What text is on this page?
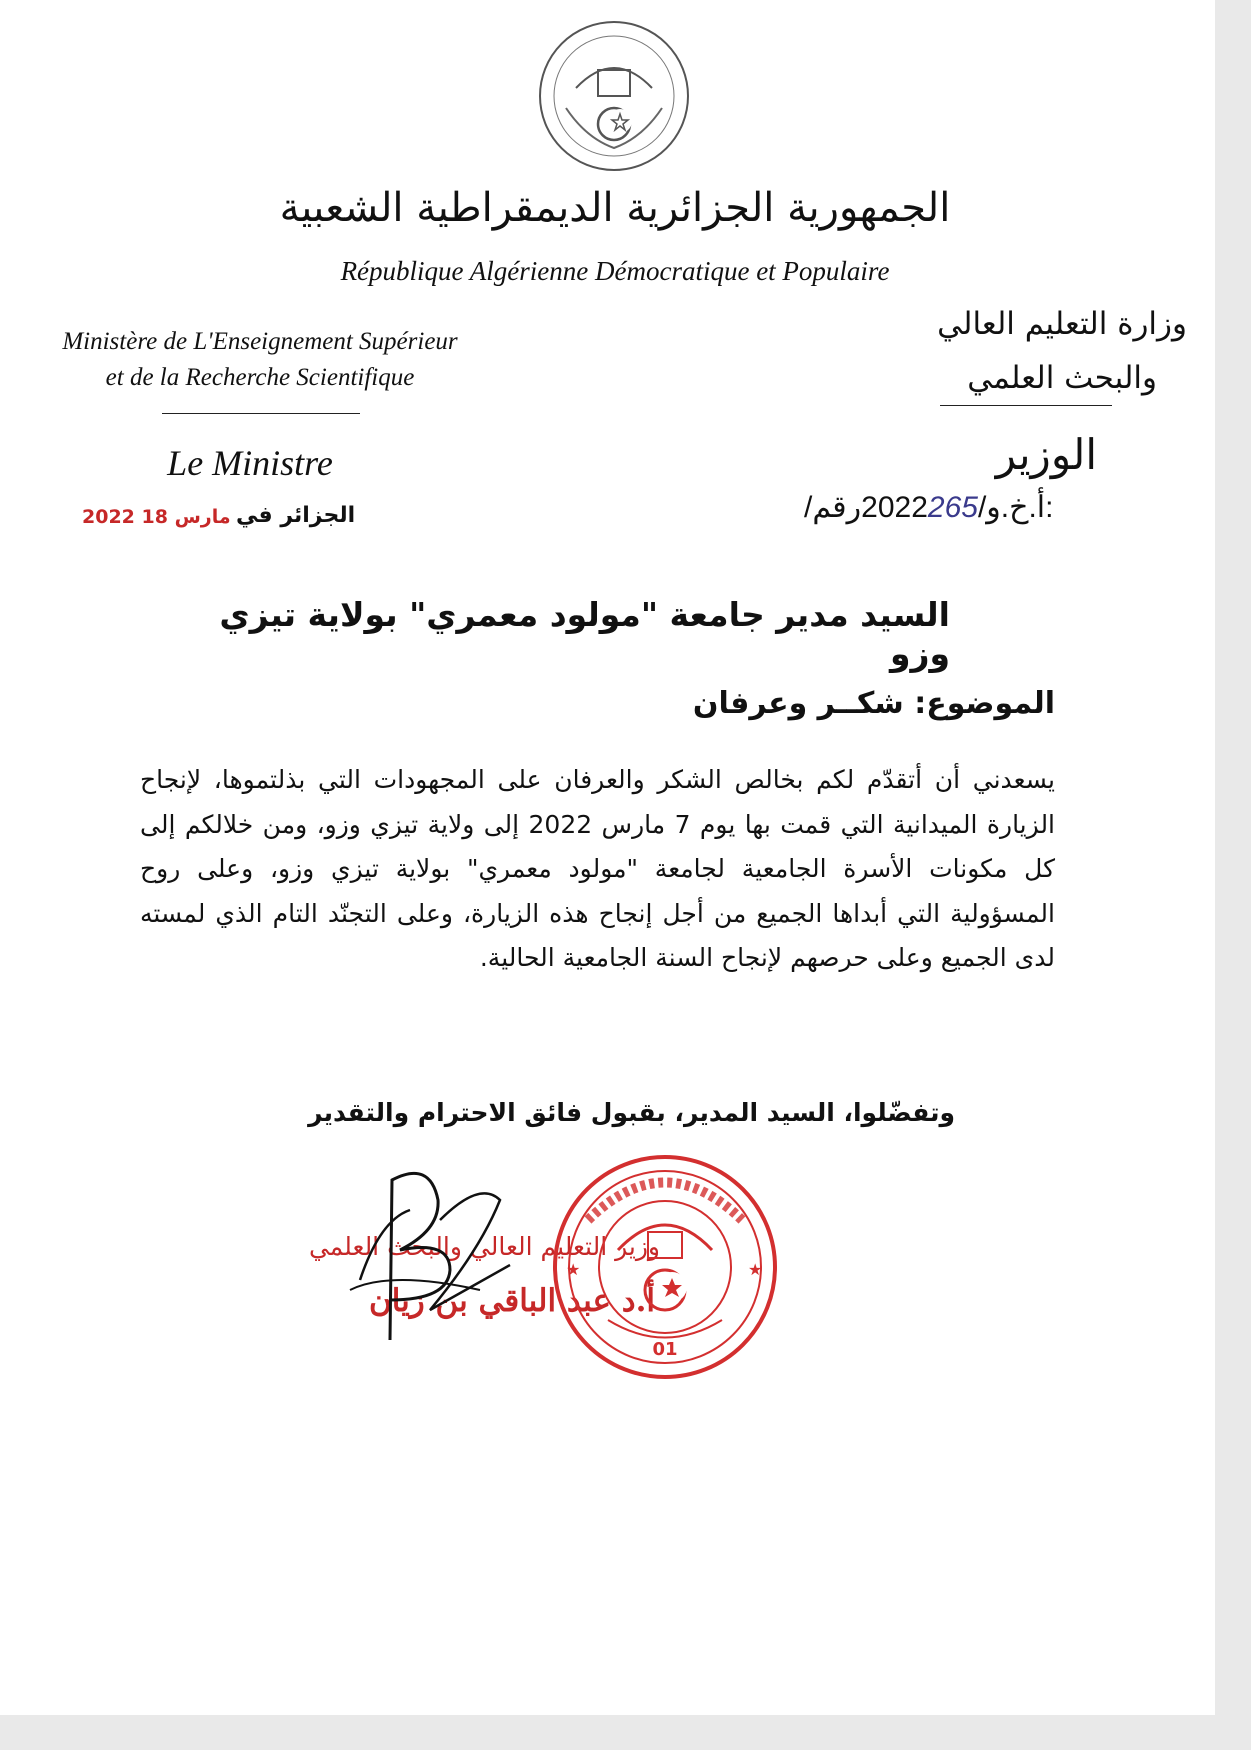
الجمهورية الجزائرية الديمقراطية الشعبية
République Algérienne Démocratique et Populaire
Ministère de L'Enseignement Supérieur
et de la Recherche Scientifique
وزارة التعليم العالي
والبحث العلمي
Le Ministre	الوزير
الجزائر في
2022 مارس 18	/أ.خ.و/2022265رقم:
السيد مدير جامعة "مولود معمري" بولاية تيزي وزو
الموضوع: شكــر وعرفان
يسعدني أن أتقدّم لكم بخالص الشكر والعرفان على المجهودات التي بذلتموها، لإنجاح الزيارة الميدانية التي قمت بها يوم 7 مارس 2022 إلى ولاية تيزي وزو، ومن خلالكم إلى كل مكونات الأسرة الجامعية لجامعة "مولود معمري" بولاية تيزي وزو، وعلى روح المسؤولية التي أبداها الجميع من أجل إنجاح هذه الزيارة، وعلى التجنّد التام الذي لمسته لدى الجميع وعلى حرصهم لإنجاح السنة الجامعية الحالية.
وتفضّلوا، السيد المدير، بقبول فائق الاحترام والتقدير
وزير التعليم العالي والبحث العلمي
أ.د عبد الباقي بن زيان
★	★
01
